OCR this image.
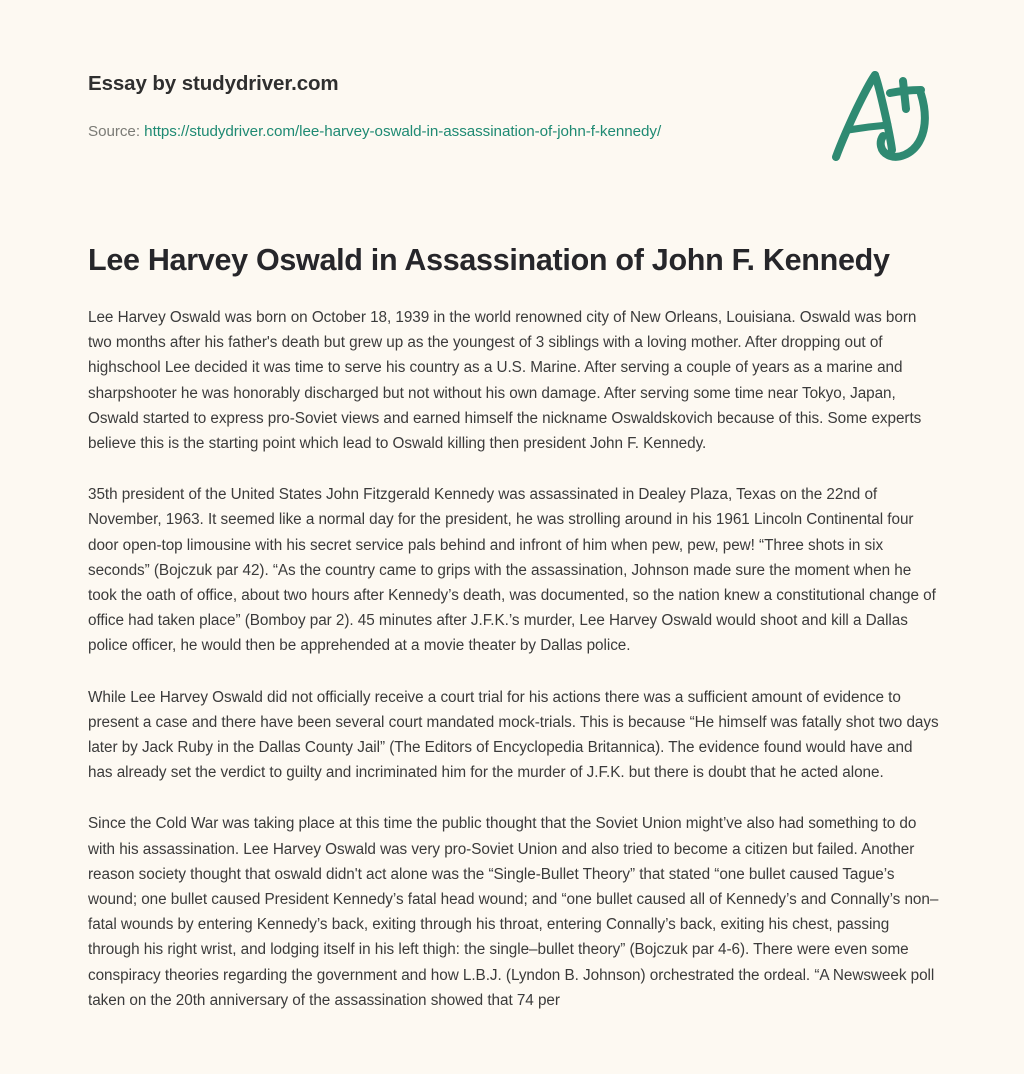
Essay by studydriver.com
Source: https://studydriver.com/lee-harvey-oswald-in-assassination-of-john-f-kennedy/
Lee Harvey Oswald in Assassination of John F. Kennedy

Lee Harvey Oswald was born on October 18, 1939 in the world renowned city of New Orleans, Louisiana. Oswald was born two months after his father's death but grew up as the youngest of 3 siblings with a loving mother. After dropping out of highschool Lee decided it was time to serve his country as a U.S. Marine. After serving a couple of years as a marine and sharpshooter he was honorably discharged but not without his own damage. After serving some time near Tokyo, Japan, Oswald started to express pro-Soviet views and earned himself the nickname Oswaldskovich because of this. Some experts believe this is the starting point which lead to Oswald killing then president John F. Kennedy.

35th president of the United States John Fitzgerald Kennedy was assassinated in Dealey Plaza, Texas on the 22nd of November, 1963. It seemed like a normal day for the president, he was strolling around in his 1961 Lincoln Continental four door open-top limousine with his secret service pals behind and infront of him when pew, pew, pew! “Three shots in six seconds” (Bojczuk par 42). “As the country came to grips with the assassination, Johnson made sure the moment when he took the oath of office, about two hours after Kennedy’s death, was documented, so the nation knew a constitutional change of office had taken place” (Bomboy par 2). 45 minutes after J.F.K.’s murder, Lee Harvey Oswald would shoot and kill a Dallas police officer, he would then be apprehended at a movie theater by Dallas police.

While Lee Harvey Oswald did not officially receive a court trial for his actions there was a sufficient amount of evidence to present a case and there have been several court mandated mock-trials. This is because “He himself was fatally shot two days later by Jack Ruby in the Dallas County Jail” (The Editors of Encyclopedia Britannica). The evidence found would have and has already set the verdict to guilty and incriminated him for the murder of J.F.K. but there is doubt that he acted alone.

Since the Cold War was taking place at this time the public thought that the Soviet Union might’ve also had something to do with his assassination. Lee Harvey Oswald was very pro-Soviet Union and also tried to become a citizen but failed. Another reason society thought that oswald didn't act alone was the “Single-Bullet Theory” that stated “one bullet caused Tague’s wound; one bullet caused President Kennedy’s fatal head wound; and “one bullet caused all of Kennedy’s and Connally’s non–fatal wounds by entering Kennedy’s back, exiting through his throat, entering Connally’s back, exiting his chest, passing through his right wrist, and lodging itself in his left thigh: the single–bullet theory” (Bojczuk par 4-6). There were even some conspiracy theories regarding the government and how L.B.J. (Lyndon B. Johnson) orchestrated the ordeal. “A Newsweek poll taken on the 20th anniversary of the assassination showed that 74 per
